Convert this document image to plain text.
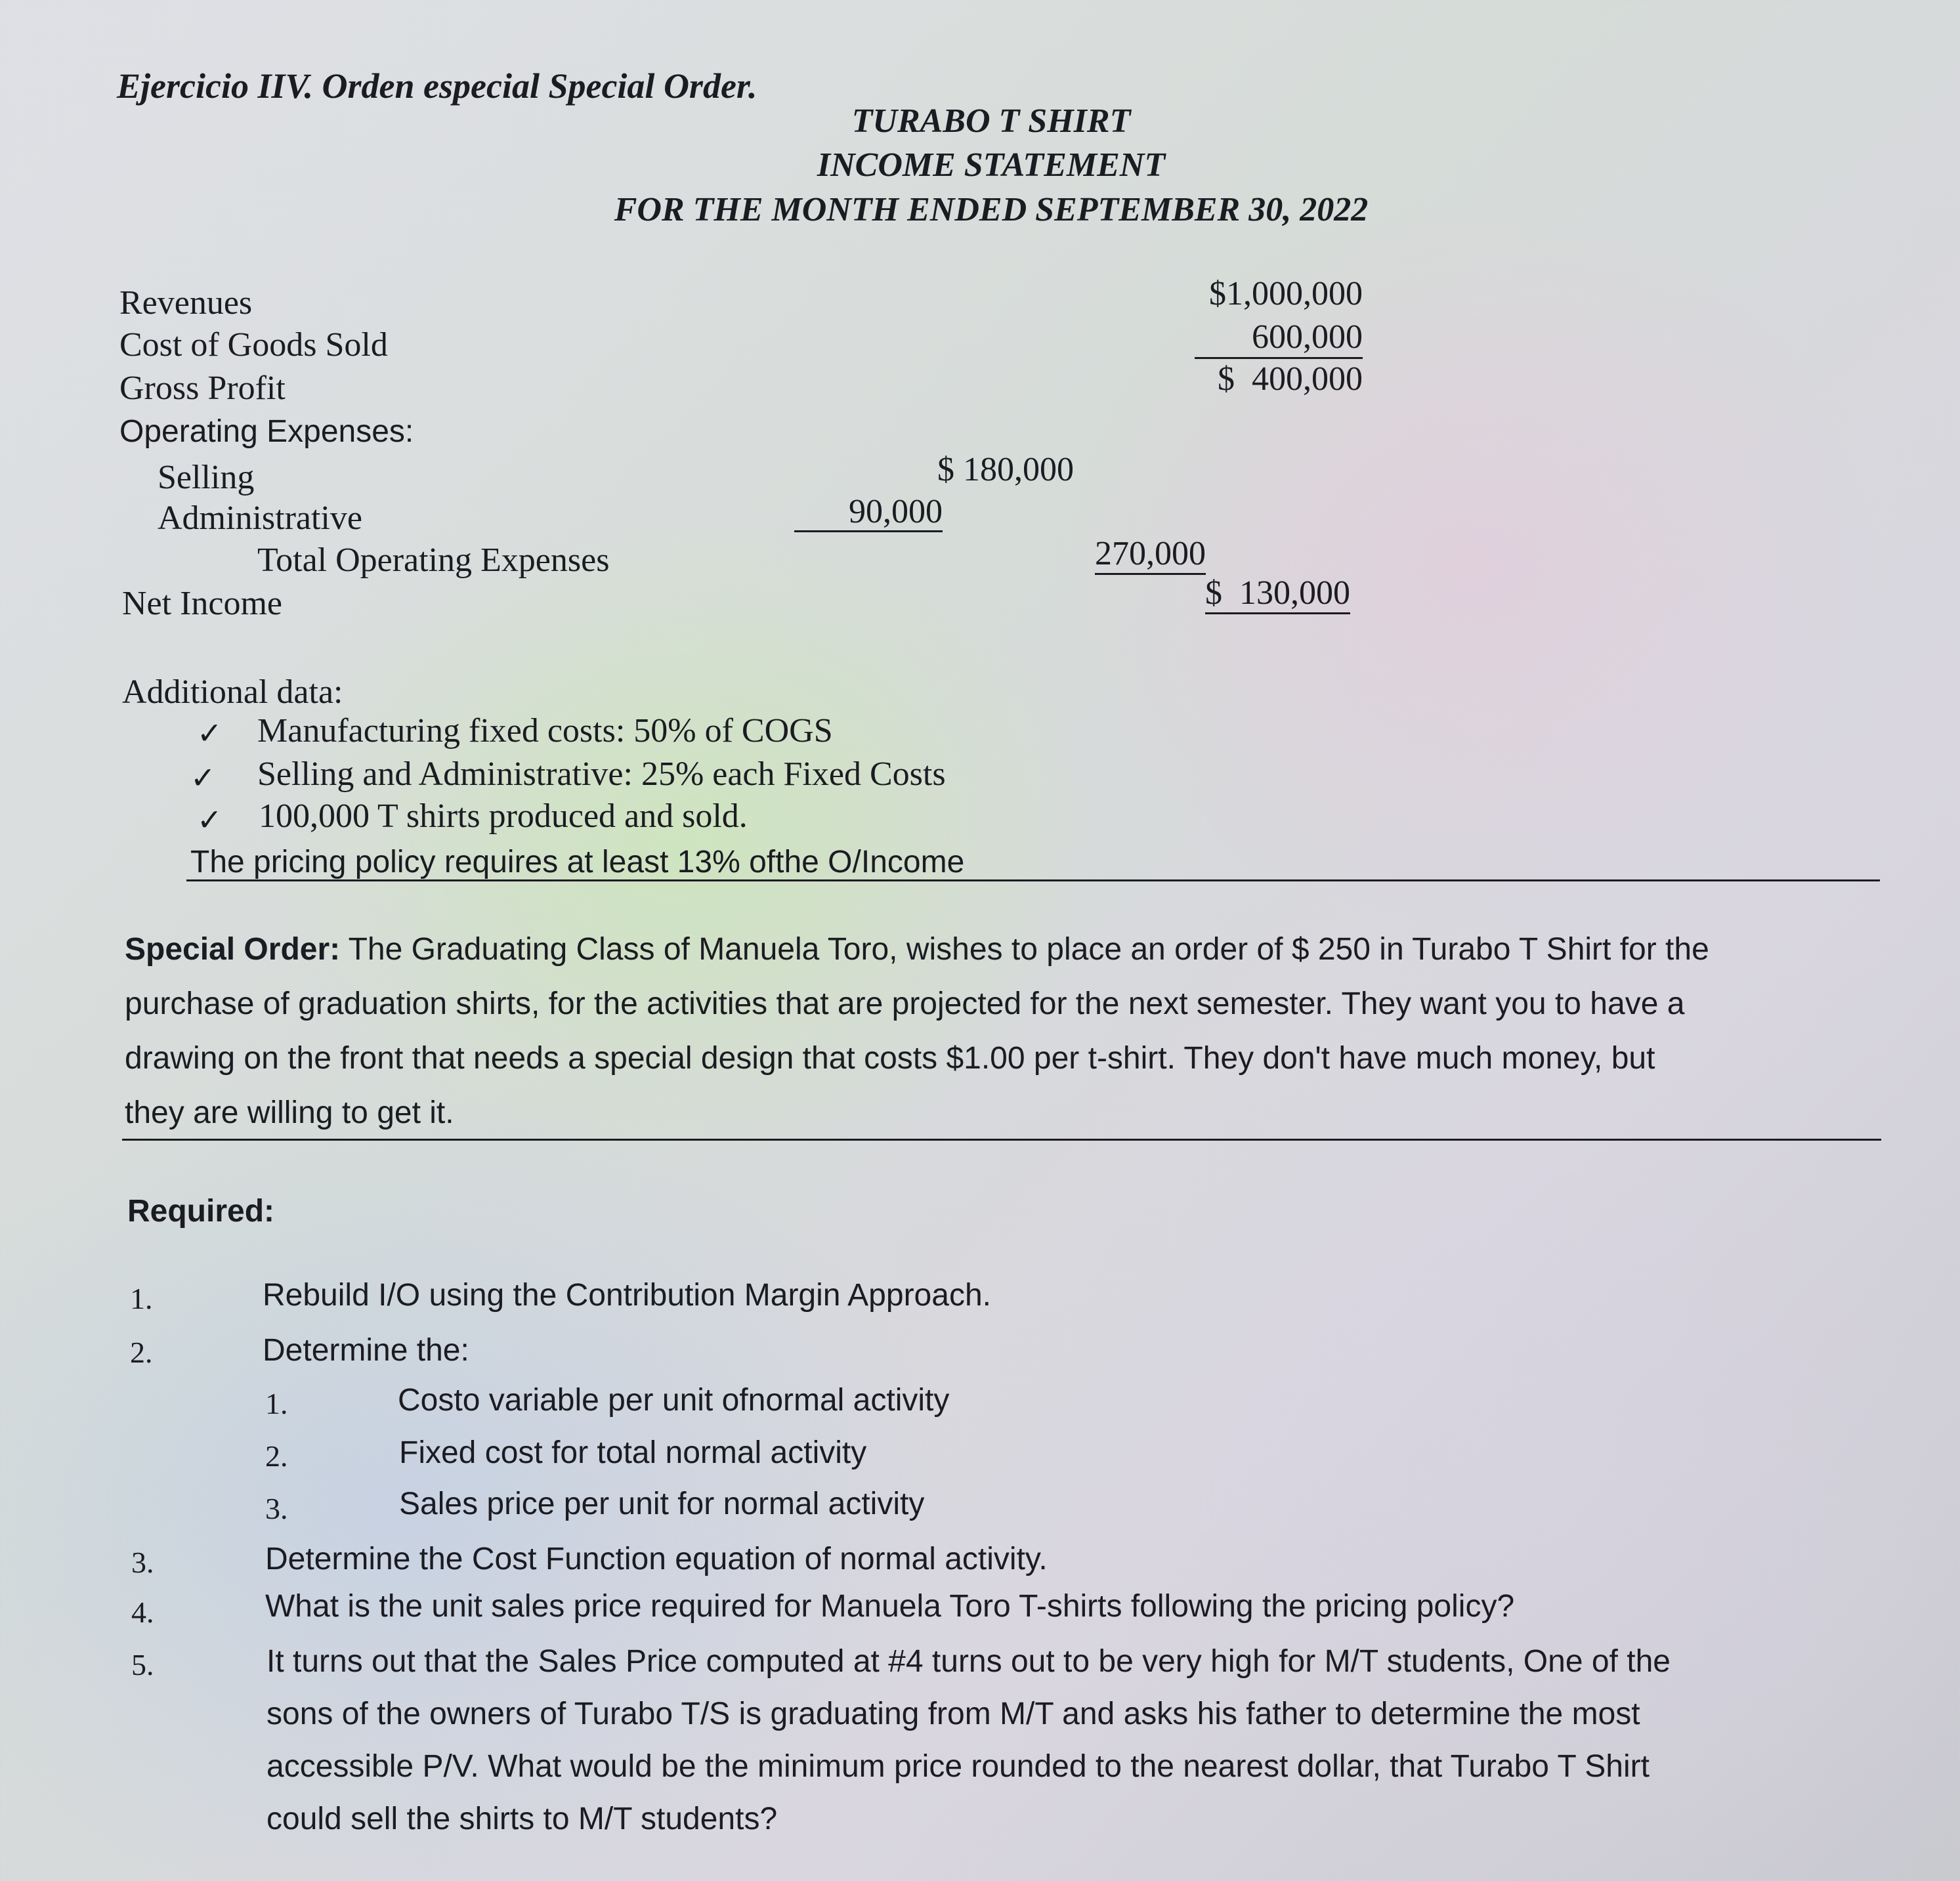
Ejercicio IIV. Orden especial Special Order.
TURABO T SHIRT
INCOME STATEMENT
FOR THE MONTH ENDED SEPTEMBER 30, 2022
Revenues	$1,000,000
Cost of Goods Sold	600,000
Gross Profit	$  400,000
Operating Expenses:
Selling	$ 180,000
Administrative	90,000
Total Operating Expenses	270,000
Net Income	$  130,000
Additional data:
✓ Manufacturing fixed costs: 50% of COGS
✓ Selling and Administrative: 25% each Fixed Costs
✓ 100,000 T shirts produced and sold.
The pricing policy requires at least 13% ofthe O/Income
Special Order: The Graduating Class of Manuela Toro, wishes to place an order of $ 250 in Turabo T Shirt for the
purchase of graduation shirts, for the activities that are projected for the next semester. They want you to have a
drawing on the front that needs a special design that costs $1.00 per t-shirt. They don't have much money, but
they are willing to get it.
Required:
1.	Rebuild I/O using the Contribution Margin Approach.
2.	Determine the:
1.	Costo variable per unit ofnormal activity
2.	Fixed cost for total normal activity
3.	Sales price per unit for normal activity
3.	Determine the Cost Function equation of normal activity.
4.	What is the unit sales price required for Manuela Toro T-shirts following the pricing policy?
5.	It turns out that the Sales Price computed at #4 turns out to be very high for M/T students, One of the
sons of the owners of Turabo T/S is graduating from M/T and asks his father to determine the most
accessible P/V. What would be the minimum price rounded to the nearest dollar, that Turabo T Shirt
could sell the shirts to M/T students?
